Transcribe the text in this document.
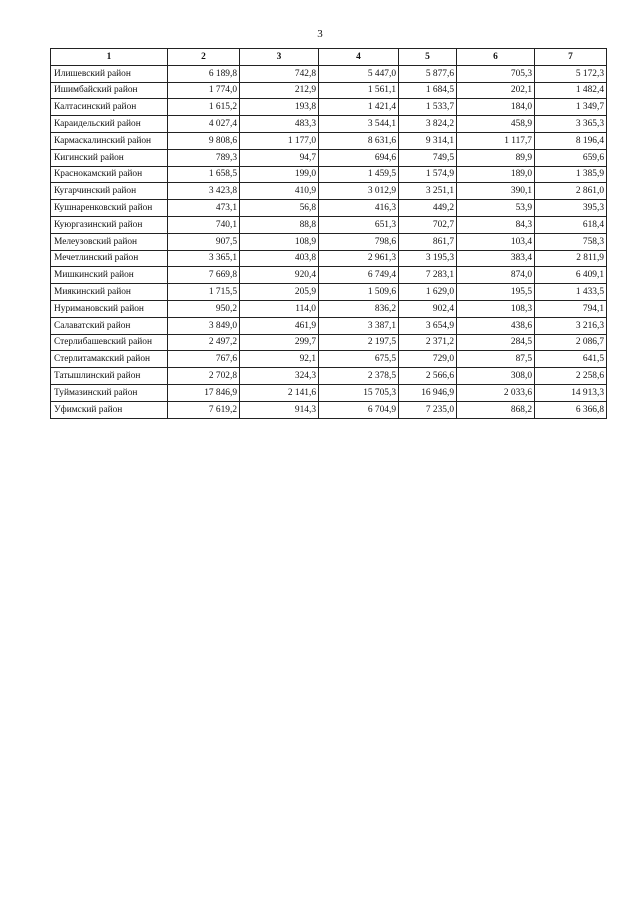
3
1	2	3	4	5	6	7
Илишевский район	6 189,8	742,8	5 447,0	5 877,6	705,3	5 172,3
Ишимбайский район	1 774,0	212,9	1 561,1	1 684,5	202,1	1 482,4
Калтасинский район	1 615,2	193,8	1 421,4	1 533,7	184,0	1 349,7
Караидельский район	4 027,4	483,3	3 544,1	3 824,2	458,9	3 365,3
Кармаскалинский район	9 808,6	1 177,0	8 631,6	9 314,1	1 117,7	8 196,4
Кигинский район	789,3	94,7	694,6	749,5	89,9	659,6
Краснокамский район	1 658,5	199,0	1 459,5	1 574,9	189,0	1 385,9
Кугарчинский район	3 423,8	410,9	3 012,9	3 251,1	390,1	2 861,0
Кушнаренковский район	473,1	56,8	416,3	449,2	53,9	395,3
Куюргазинский район	740,1	88,8	651,3	702,7	84,3	618,4
Мелеузовский район	907,5	108,9	798,6	861,7	103,4	758,3
Мечетлинский район	3 365,1	403,8	2 961,3	3 195,3	383,4	2 811,9
Мишкинский район	7 669,8	920,4	6 749,4	7 283,1	874,0	6 409,1
Миякинский район	1 715,5	205,9	1 509,6	1 629,0	195,5	1 433,5
Нуримановский район	950,2	114,0	836,2	902,4	108,3	794,1
Салаватский район	3 849,0	461,9	3 387,1	3 654,9	438,6	3 216,3
Стерлибашевский район	2 497,2	299,7	2 197,5	2 371,2	284,5	2 086,7
Стерлитамакский район	767,6	92,1	675,5	729,0	87,5	641,5
Татышлинский район	2 702,8	324,3	2 378,5	2 566,6	308,0	2 258,6
Туймазинский район	17 846,9	2 141,6	15 705,3	16 946,9	2 033,6	14 913,3
Уфимский район	7 619,2	914,3	6 704,9	7 235,0	868,2	6 366,8
